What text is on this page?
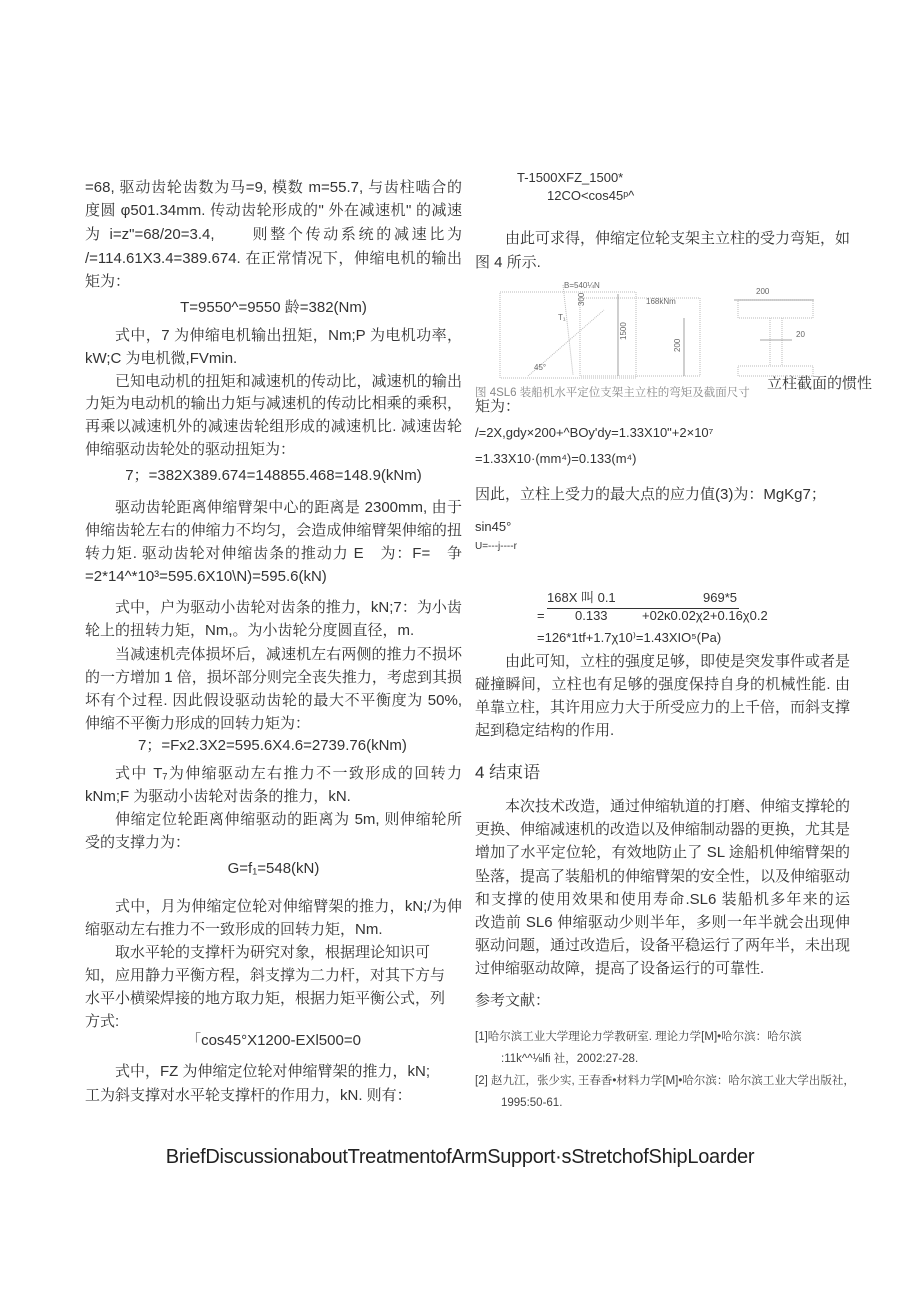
=68, 驱动齿轮齿数为马=9, 模数 m=55.7, 与齿柱啮合的
度圆 φ501.34mm. 传动齿轮形成的" 外在减速机" 的减速
为 i=z"=68/20=3.4,　　则整个传动系统的减速比为
/=114.61X3.4=389.674. 在正常情况下，伸缩电机的输出
矩为：
T=9550^=9550 龄=382(Nm)
式中，7 为伸缩电机输出扭矩，Nm;P 为电机功率，
kW;C 为电机微,FVmin.
已知电动机的扭矩和减速机的传动比，减速机的输出
力矩为电动机的输出力矩与减速机的传动比相乘的乘积，
再乘以减速机外的减速齿轮组形成的减速机比. 减速齿轮
伸缩驱动齿轮处的驱动扭矩为：
7；=382X389.674=148855.468=148.9(kNm)
驱动齿轮距离伸缩臂架中心的距离是 2300mm, 由于
伸缩齿轮左右的伸缩力不均匀，会造成伸缩臂架伸缩的扭
转力矩. 驱动齿轮对伸缩齿条的推动力 E　为：F=　争
=2*14^*10³=595.6X10\N)=595.6(kN)
式中，户为驱动小齿轮对齿条的推力，kN;7：为小齿
轮上的扭转力矩，Nm,。为小齿轮分度圆直径，m.
当减速机壳体损坏后，减速机左右两侧的推力不损坏
的一方增加 1 倍，损坏部分则完全丧失推力，考虑到其损
坏有个过程. 因此假设驱动齿轮的最大不平衡度为 50%,
伸缩不平衡力形成的回转力矩为：
7；=Fx2.3X2=595.6X4.6=2739.76(kNm)
式中 T₇为伸缩驱动左右推力不一致形成的回转力
kNm;F 为驱动小齿轮对齿条的推力，kN.
伸缩定位轮距离伸缩驱动的距离为 5m, 则伸缩轮所
受的支撑力为：
G=f₁=548(kN)
式中，月为伸缩定位轮对伸缩臂架的推力，kN;/为伸
缩驱动左右推力不一致形成的回转力矩，Nm.
取水平轮的支撑杆为研究对象，根据理论知识可
知，应用静力平衡方程，斜支撑为二力杆，对其下方与
水平小横梁焊接的地方取力矩，根据力矩平衡公式，列
方式:
「cos45°X1200-EXl500=0
式中，FZ 为伸缩定位轮对伸缩臂架的推力，kN;
工为斜支撑对水平轮支撑杆的作用力，kN. 则有：
T-1500XFZ_1500*
12CO<cos45ᵖ^
由此可求得，伸缩定位轮支架主立柱的受力弯矩，如
图 4 所示.
图 4SL6 装船机水平定位支架主立柱的弯矩及截面尺寸
立柱截面的惯性
矩为：
/=2X,gdy×200+^BOy'dy=1.33X10"+2×10⁷
=1.33X10·(mm⁴)=0.133(m⁴)
因此，立柱上受力的最大点的应力值(3)为：MgKg7；
sin45°
U=---j----r
168X 叫 0.1	969*5
= 0.133	+02κ0.02χ2+0.16χ0.2
=126*1tf+1.7χ10⁾=1.43XIO⁵(Pa)
由此可知，立柱的强度足够，即使是突发事件或者是
碰撞瞬间，立柱也有足够的强度保持自身的机械性能. 由
单靠立柱，其许用应力大于所受应力的上千倍，而斜支撑
起到稳定结构的作用.
4 结束语
本次技术改造，通过伸缩轨道的打磨、伸缩支撑轮的
更换、伸缩减速机的改造以及伸缩制动器的更换，尤其是
增加了水平定位轮，有效地防止了 SL 途船机伸缩臂架的
坠落，提高了装船机的伸缩臂架的安全性，以及伸缩驱动
和支撑的使用效果和使用寿命.SL6 装船机多年来的运
改造前 SL6 伸缩驱动少则半年，多则一年半就会出现伸
驱动问题，通过改造后，设备平稳运行了两年半，未出现
过伸缩驱动故障，提高了设备运行的可靠性.
参考文献：
[1]哈尔滨工业大学理论力学教研室. 理论力学[M]•哈尔滨：哈尔滨
:11k^^⅛lfi 社，2002:27-28.
[2] 赵九江，张少实, 王春香•材料力学[M]•哈尔滨：哈尔滨工业大学出版社，
1995:50-61.
B=540¼N
300
1500
T₁
45°
168kNm
200
200
20
BriefDiscussionaboutTreatmentofArmSupport·sStretchofShipLoarder
